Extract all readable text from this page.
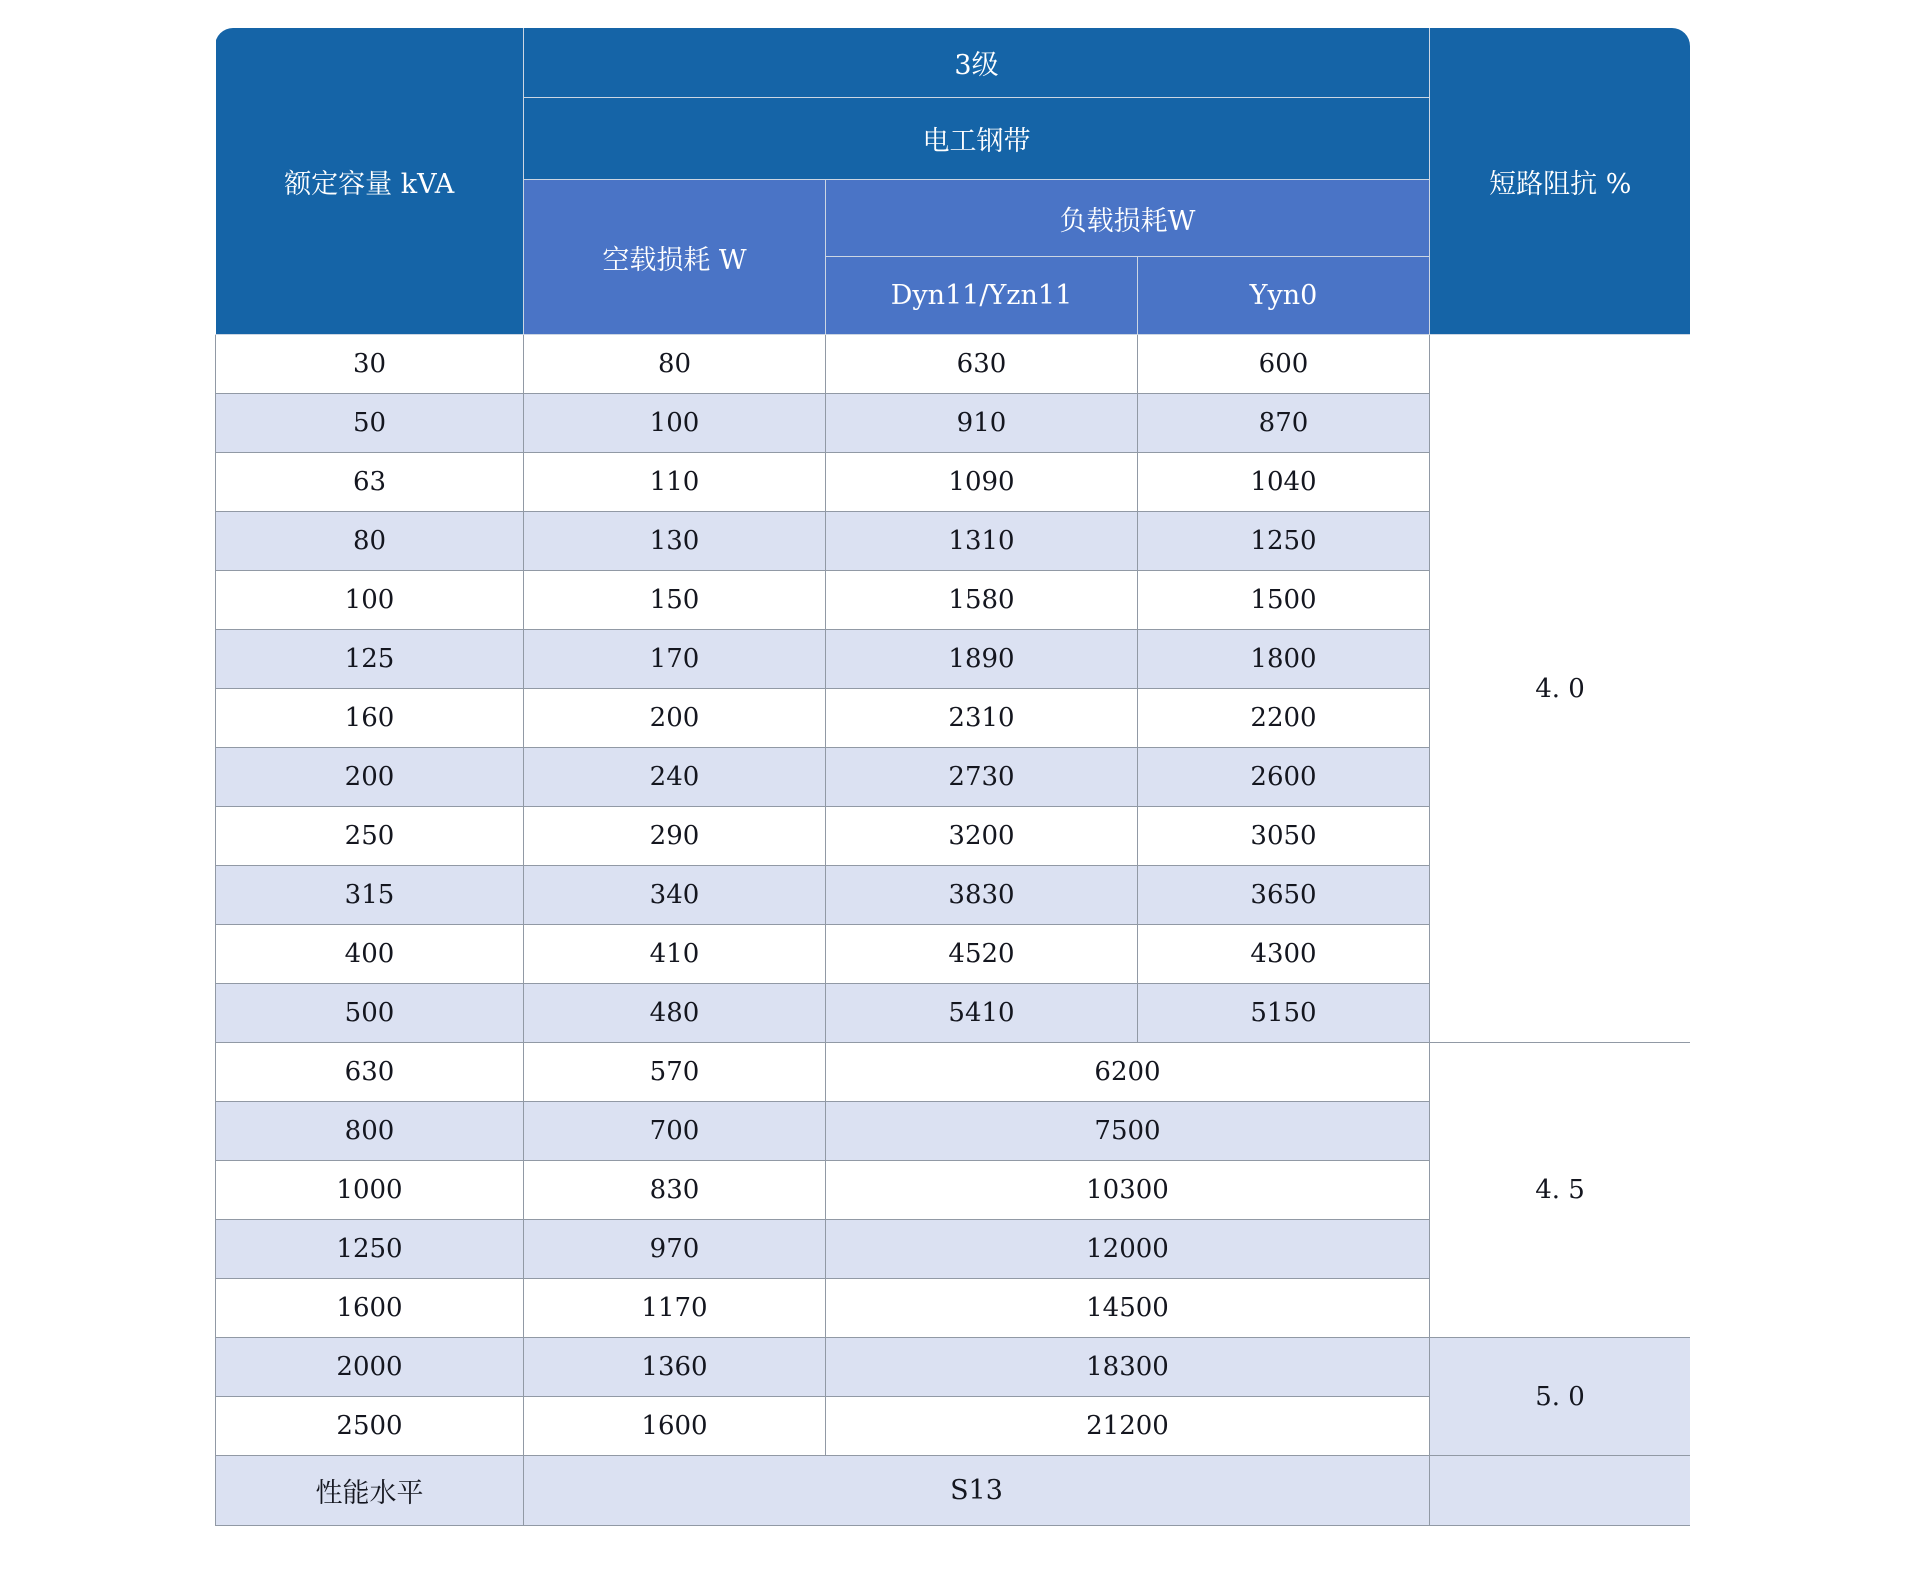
额定容量 kVA	3级			短路阻抗 %
	电工钢带			
	空载损耗 W	负载损耗W		
		Dyn11/Yzn11	Yyn0	
30	80	630	600	4. 0
50	100	910	870	
63	110	1090	1040	
80	130	1310	1250	
100	150	1580	1500	
125	170	1890	1800	
160	200	2310	2200	
200	240	2730	2600	
250	290	3200	3050	
315	340	3830	3650	
400	410	4520	4300	
500	480	5410	5150	
630	570	6200		4. 5
800	700	7500		
1000	830	10300		
1250	970	12000		
1600	1170	14500		
2000	1360	18300		5. 0
2500	1600	21200		
性能水平	S13			
